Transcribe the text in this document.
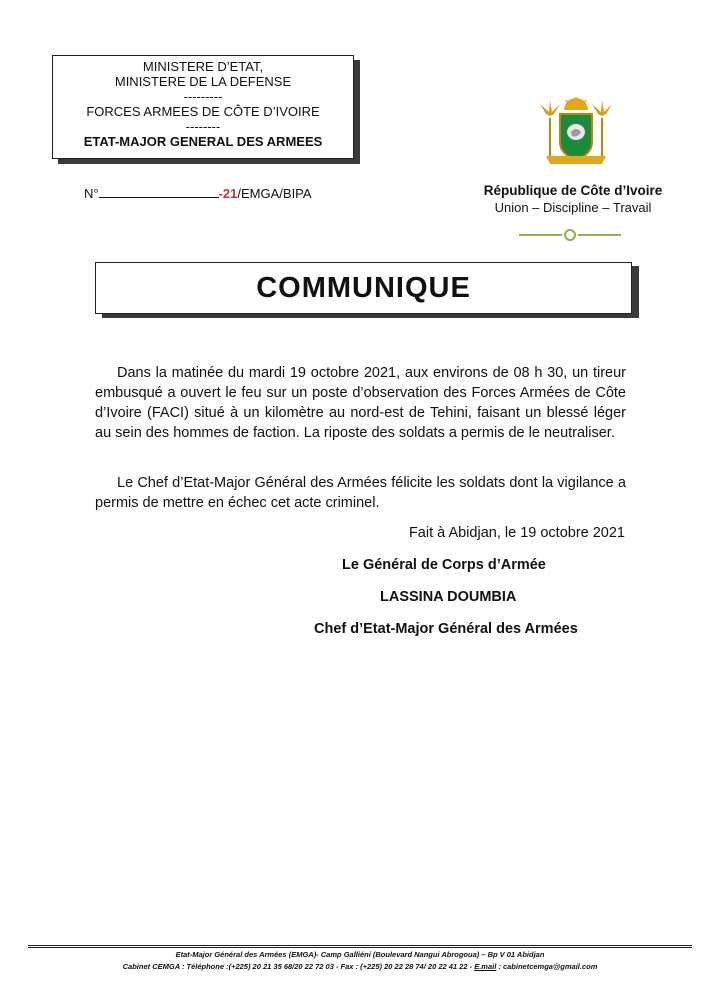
MINISTERE D’ETAT,
MINISTERE DE LA DEFENSE
---------
FORCES ARMEES DE CÔTE D’IVOIRE
--------
ETAT-MAJOR GENERAL DES ARMEES
N°	-21/EMGA/BIPA	République de Côte d’Ivoire
Union – Discipline – Travail
COMMUNIQUE
Dans la matinée du mardi 19 octobre 2021, aux environs de 08 h 30, un tireur embusqué a ouvert le feu sur un poste d’observation des Forces Armées de Côte d’Ivoire (FACI) situé à un kilomètre au nord-est de Tehini, faisant un blessé léger au sein des hommes de faction. La riposte des soldats a permis de le neutraliser.
Le Chef d’Etat-Major Général des Armées félicite les soldats dont la vigilance a permis de mettre en échec cet acte criminel.
Fait à Abidjan, le 19 octobre 2021
Le Général de Corps d’Armée
LASSINA DOUMBIA
Chef d’Etat-Major Général des Armées
Etat-Major Général des Armées (EMGA)- Camp Galliéni (Boulevard Nangui Abrogoua) – Bp V 01 Abidjan
Cabinet CEMGA : Téléphone :(+225) 20 21 35 68/20 22 72 03 - Fax : (+225) 20 22 28 74/ 20 22 41 22 - E.mail : cabinetcemga@gmail.com
